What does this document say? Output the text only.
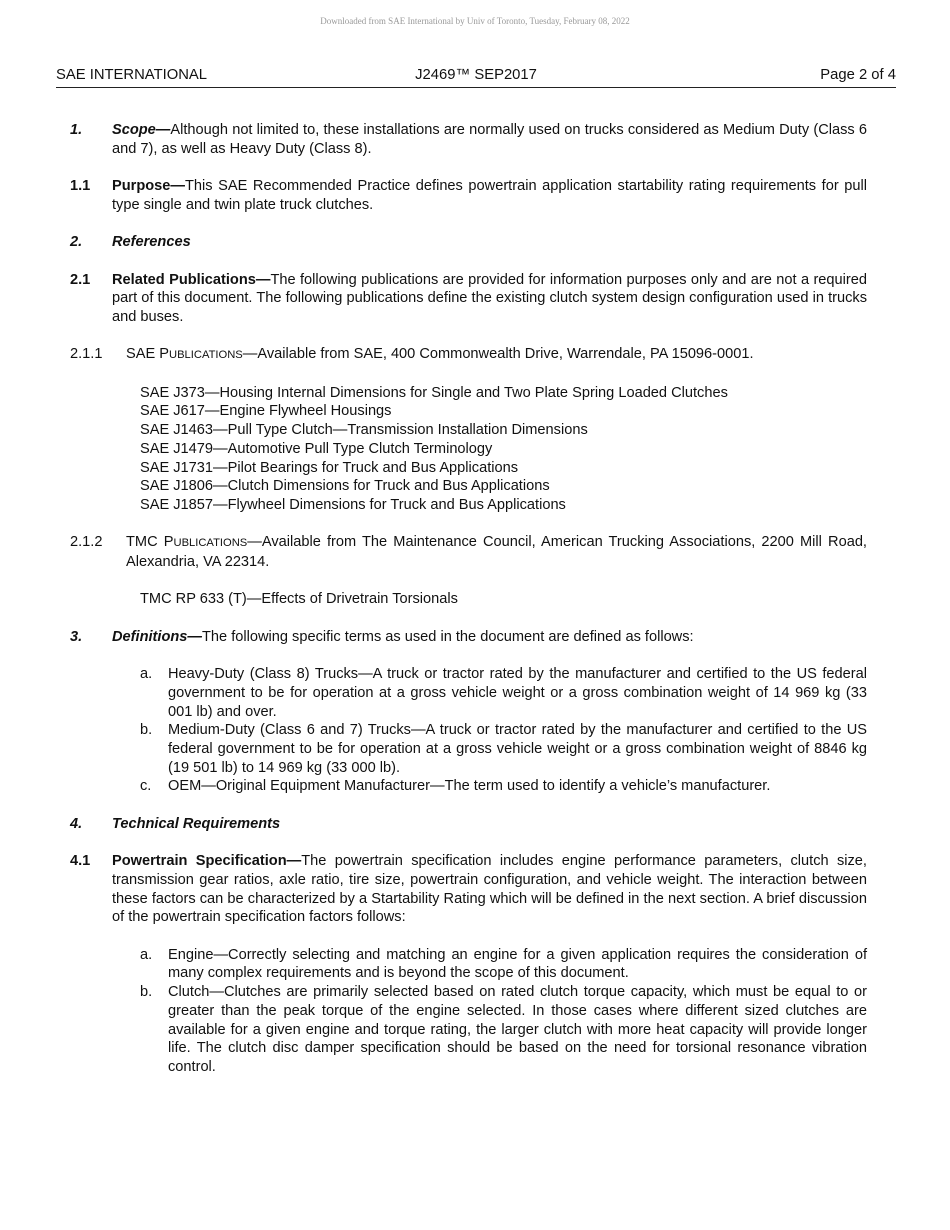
Downloaded from SAE International by Univ of Toronto, Tuesday, February 08, 2022
J2469™ SEP2017
SAE INTERNATIONAL	Page 2 of 4
1. Scope—Although not limited to, these installations are normally used on trucks considered as Medium Duty (Class 6 and 7), as well as Heavy Duty (Class 8).
1.1 Purpose—This SAE Recommended Practice defines powertrain application startability rating requirements for pull type single and twin plate truck clutches.
2. References
2.1 Related Publications—The following publications are provided for information purposes only and are not a required part of this document. The following publications define the existing clutch system design configuration used in trucks and buses.
2.1.1 SAE PUBLICATIONS—Available from SAE, 400 Commonwealth Drive, Warrendale, PA 15096-0001.
SAE J373—Housing Internal Dimensions for Single and Two Plate Spring Loaded Clutches
SAE J617—Engine Flywheel Housings
SAE J1463—Pull Type Clutch—Transmission Installation Dimensions
SAE J1479—Automotive Pull Type Clutch Terminology
SAE J1731—Pilot Bearings for Truck and Bus Applications
SAE J1806—Clutch Dimensions for Truck and Bus Applications
SAE J1857—Flywheel Dimensions for Truck and Bus Applications
2.1.2 TMC PUBLICATIONS—Available from The Maintenance Council, American Trucking Associations, 2200 Mill Road, Alexandria, VA 22314.
TMC RP 633 (T)—Effects of Drivetrain Torsionals
3. Definitions—The following specific terms as used in the document are defined as follows:
a. Heavy-Duty (Class 8) Trucks—A truck or tractor rated by the manufacturer and certified to the US federal government to be for operation at a gross vehicle weight or a gross combination weight of 14 969 kg (33 001 lb) and over.
b. Medium-Duty (Class 6 and 7) Trucks—A truck or tractor rated by the manufacturer and certified to the US federal government to be for operation at a gross vehicle weight or a gross combination weight of 8846 kg (19 501 lb) to 14 969 kg (33 000 lb).
c. OEM—Original Equipment Manufacturer—The term used to identify a vehicle’s manufacturer.
4. Technical Requirements
4.1 Powertrain Specification—The powertrain specification includes engine performance parameters, clutch size, transmission gear ratios, axle ratio, tire size, powertrain configuration, and vehicle weight. The interaction between these factors can be characterized by a Startability Rating which will be defined in the next section. A brief discussion of the powertrain specification factors follows:
a. Engine—Correctly selecting and matching an engine for a given application requires the consideration of many complex requirements and is beyond the scope of this document.
b. Clutch—Clutches are primarily selected based on rated clutch torque capacity, which must be equal to or greater than the peak torque of the engine selected. In those cases where different sized clutches are available for a given engine and torque rating, the larger clutch with more heat capacity will provide longer life. The clutch disc damper specification should be based on the need for torsional resonance vibration control.
